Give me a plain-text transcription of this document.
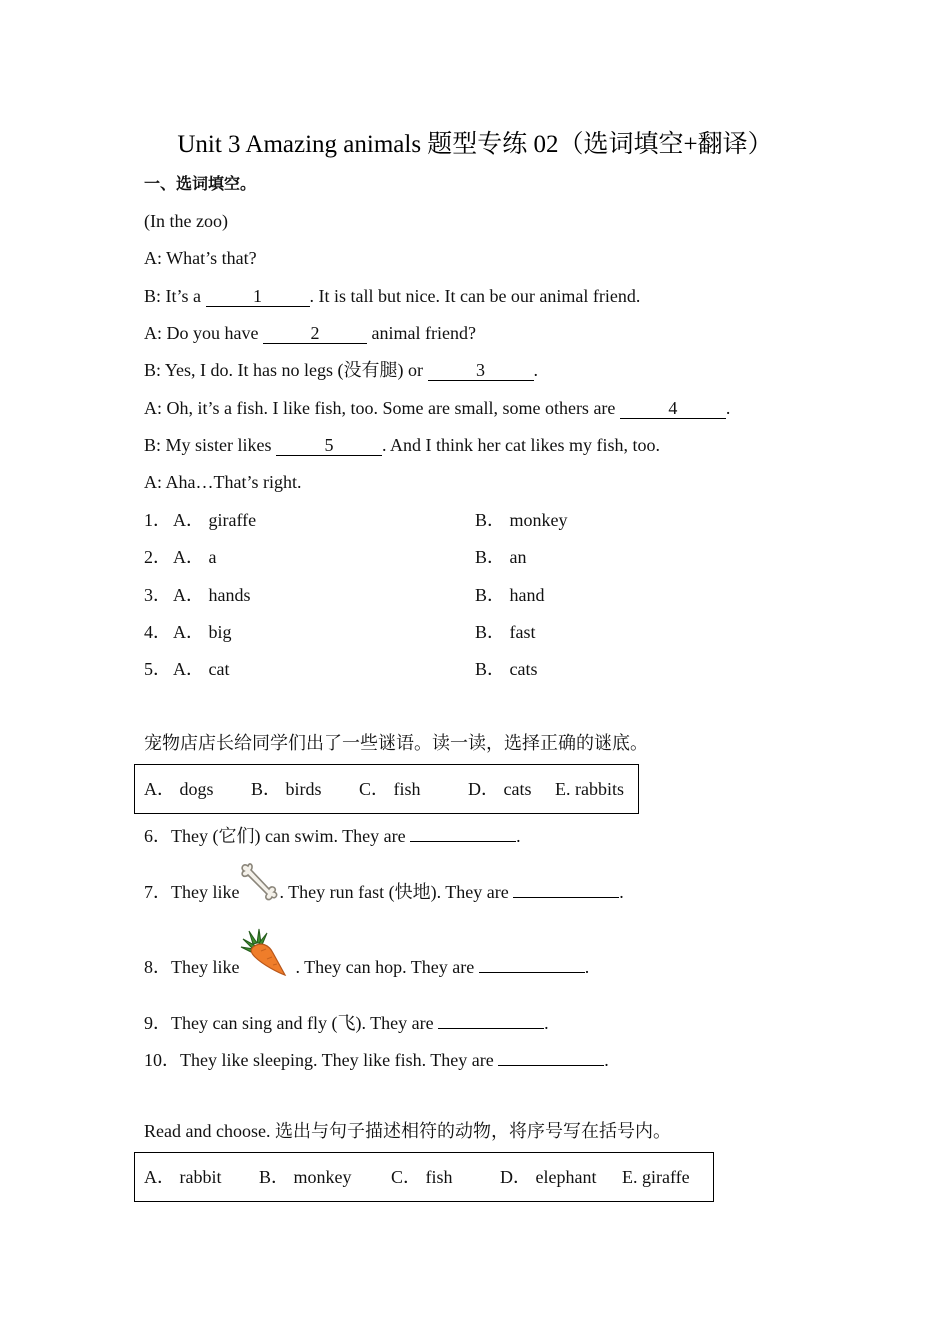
Unit 3 Amazing animals 题型专练 02（选词填空+翻译）
一、选词填空。
(In the zoo)
A: What’s that?
B: It’s a	1	. It is tall but nice. It can be our animal friend.
A: Do you have	2	animal friend?
B: Yes, I do. It has no legs (没有腿) or	3	.
A: Oh, it’s a fish. I like fish, too. Some are small, some others are	4	.
B: My sister likes	5	. And I think her cat likes my fish, too.
A: Aha…That’s right.
1． A． giraffe	B． monkey
2． A． a	B． an
3． A． hands	B． hand
4． A． big	B． fast
5． A． cat	B． cats
宠物店店长给同学们出了一些谜语。读一读，选择正确的谜底。
A． dogs B． birds C． fish	D． cats E. rabbits
6．They (它们) can swim. They are	.
7．They like . They run fast (快地). They are	.
8．They like	. They can hop. They are	.
9．They can sing and fly (飞). They are	.
10．They like sleeping. They like fish. They are	.
Read and choose. 选出与句子描述相符的动物，将序号写在括号内。
A． rabbit B． monkey C． fish	D． elephant E. giraffe
